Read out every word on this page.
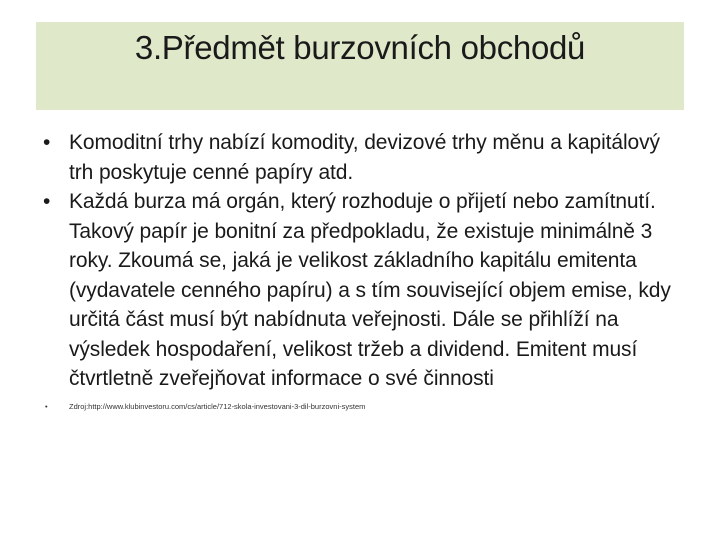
3.Předmět burzovních obchodů
• Komoditní trhy nabízí komodity, devizové trhy měnu a kapitálový trh poskytuje cenné papíry atd.
• Každá burza má orgán, který rozhoduje o přijetí nebo zamítnutí. Takový papír je bonitní za předpokladu, že existuje minimálně 3 roky. Zkoumá se, jaká je velikost základního kapitálu emitenta (vydavatele cenného papíru) a s tím související objem emise, kdy určitá část musí být nabídnuta veřejnosti. Dále se přihlíží na výsledek hospodaření, velikost tržeb a dividend. Emitent musí čtvrtletně zveřejňovat informace o své činnosti
•	Zdroj:http://www.klubinvestoru.com/cs/article/712-skola-investovani-3-dil-burzovni-system
